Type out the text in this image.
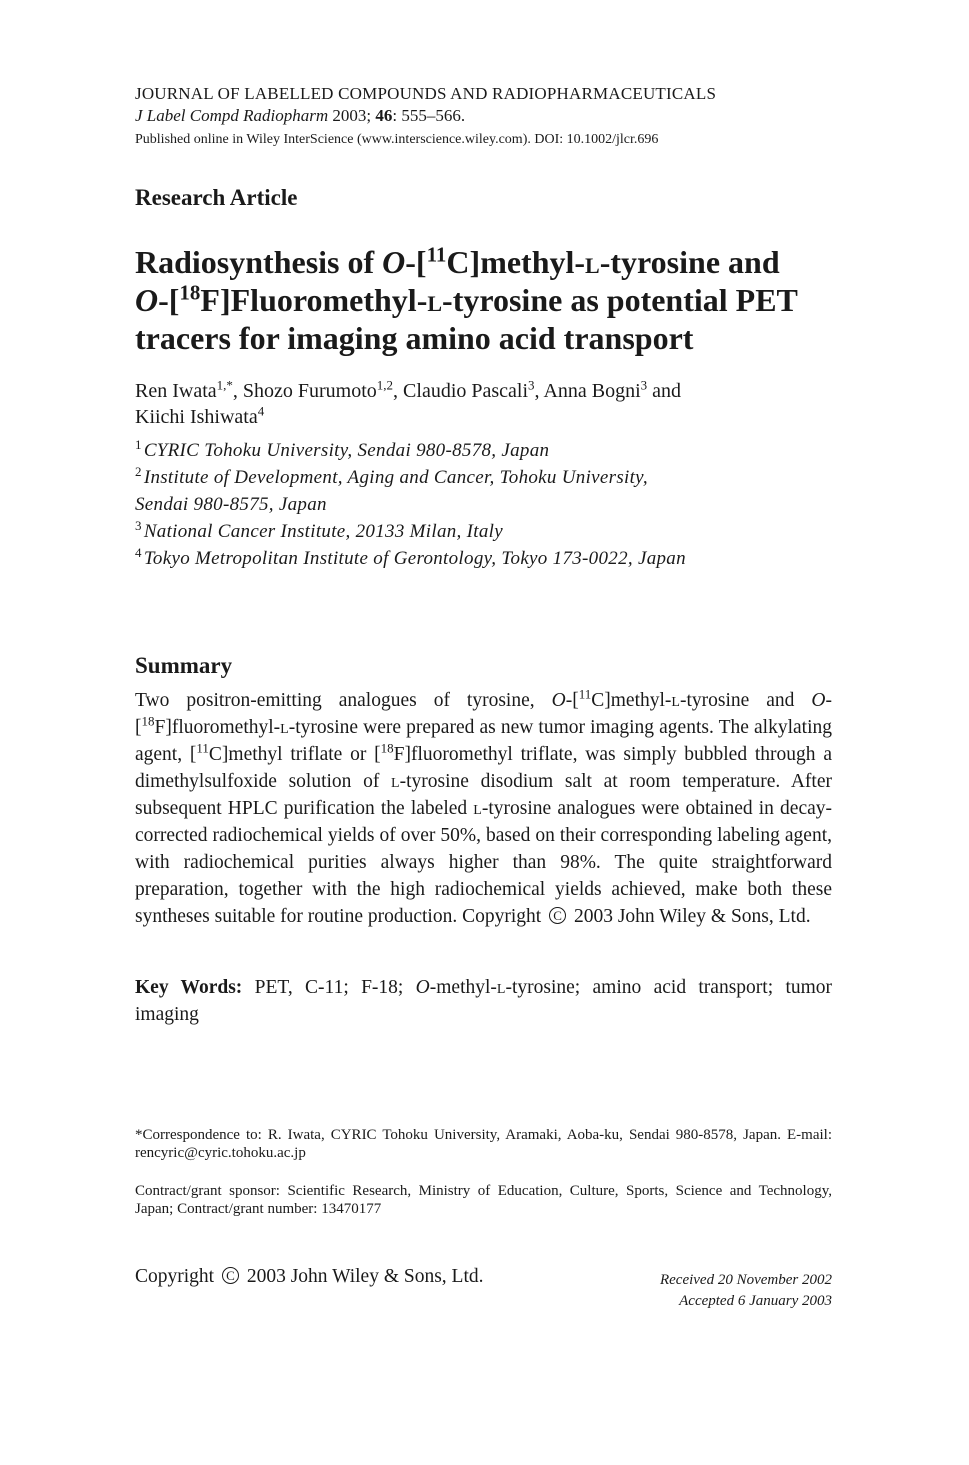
JOURNAL OF LABELLED COMPOUNDS AND RADIOPHARMACEUTICALS
J Label Compd Radiopharm 2003; 46: 555–566.
Published online in Wiley InterScience (www.interscience.wiley.com). DOI: 10.1002/jlcr.696
Research Article
Radiosynthesis of O-[$^{11}$C]methyl-l-tyrosine and
O-[$^{18}$F]Fluoromethyl-l-tyrosine as potential PET
tracers for imaging amino acid transport
Ren Iwata$^{1,*}$, Shozo Furumoto$^{1,2}$, Claudio Pascali$^3$, Anna Bogni$^3$ and
Kiichi Ishiwata$^4$
$^1$ CYRIC Tohoku University, Sendai 980-8578, Japan
$^2$ Institute of Development, Aging and Cancer, Tohoku University,
Sendai 980-8575, Japan
$^3$ National Cancer Institute, 20133 Milan, Italy
$^4$ Tokyo Metropolitan Institute of Gerontology, Tokyo 173-0022, Japan
Summary
Two positron-emitting analogues of tyrosine, O-[$^{11}$C]methyl-l-tyrosine and O-[$^{18}$F]fluoromethyl-l-tyrosine were prepared as new tumor imaging agents. The alkylating agent, [$^{11}$C]methyl triflate or [$^{18}$F]fluoromethyl triflate, was simply bubbled through a dimethylsulfoxide solution of l-tyrosine disodium salt at room temperature. After subsequent HPLC purification the labeled l-tyrosine analogues were obtained in decay-corrected radiochemical yields of over 50%, based on their corresponding labeling agent, with radiochemical purities always higher than 98%. The quite straightforward preparation, together with the high radiochemical yields achieved, make both these syntheses suitable for routine production. Copyright C 2003 John Wiley & Sons, Ltd.
Key Words: PET, C-11; F-18; O-methyl-l-tyrosine; amino acid transport; tumor imaging
*Correspondence to: R. Iwata, CYRIC Tohoku University, Aramaki, Aoba-ku, Sendai 980-8578, Japan. E-mail: rencyric@cyric.tohoku.ac.jp
Contract/grant sponsor: Scientific Research, Ministry of Education, Culture, Sports, Science and Technology, Japan; Contract/grant number: 13470177
Copyright C 2003 John Wiley & Sons, Ltd.	Received 20 November 2002
Accepted 6 January 2003
